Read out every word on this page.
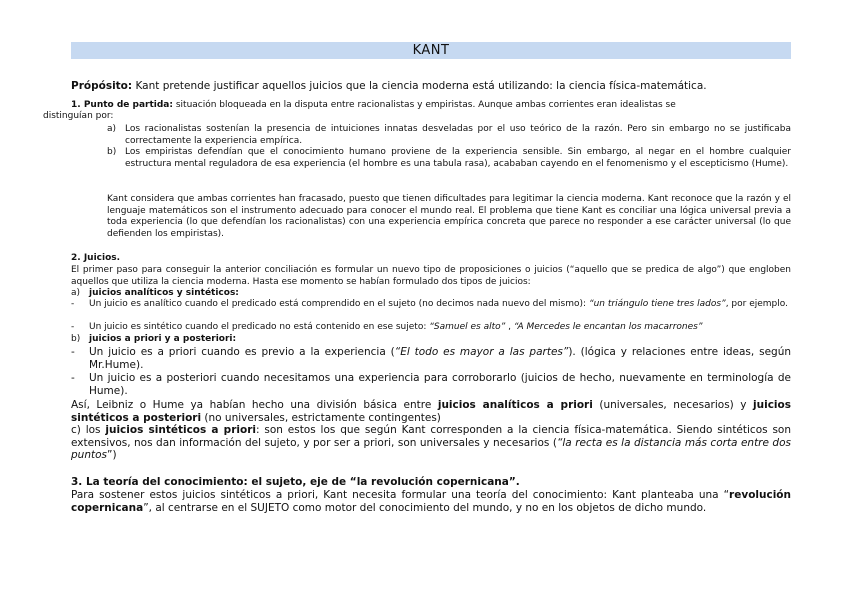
KANT
Própósito: Kant pretende justificar aquellos juicios que la ciencia moderna está utilizando: la ciencia física-matemática.
1. Punto de partida: situación bloqueada en la disputa entre racionalistas y empiristas. Aunque ambas corrientes eran idealistas se
distinguían por:
a) Los racionalistas sostenían la presencia de intuiciones innatas desveladas por el uso teórico de la razón. Pero sin embargo no se justificaba correctamente la experiencia empírica.
b) Los empiristas defendían que el conocimiento humano proviene de la experiencia sensible. Sin embargo, al negar en el hombre cualquier estructura mental reguladora de esa experiencia (el hombre es una tabula rasa), acababan cayendo en el fenomenismo y el escepticismo (Hume).
Kant considera que ambas corrientes han fracasado, puesto que tienen dificultades para legitimar la ciencia moderna. Kant reconoce que la razón y el lenguaje matemáticos son el instrumento adecuado para conocer el mundo real. El problema que tiene Kant es conciliar una lógica universal previa a toda experiencia (lo que defendían los racionalistas) con una experiencia empírica concreta que parece no responder a ese carácter universal (lo que defienden los empiristas).
2. Juicios.
El primer paso para conseguir la anterior conciliación es formular un nuevo tipo de proposiciones o juicios (“aquello que se predica de algo”) que engloben aquellos que utiliza la ciencia moderna. Hasta ese momento se habían formulado dos tipos de juicios:
a) juicios analíticos y sintéticos:
-	Un juicio es analítico cuando el predicado está comprendido en el sujeto (no decimos nada nuevo del mismo): “un triángulo tiene tres lados”, por ejemplo.
-	Un juicio es sintético cuando el predicado no está contenido en ese sujeto: “Samuel es alto” , “A Mercedes le encantan los macarrones”
b) juicios a priori y a posteriori:
-	Un juicio es a priori cuando es previo a la experiencia (“El todo es mayor a las partes”). (lógica y relaciones entre ideas, según Mr.Hume).
-	Un juicio es a posteriori cuando necesitamos una experiencia para corroborarlo (juicios de hecho, nuevamente en terminología de Hume).
Así, Leibniz o Hume ya habían hecho una división básica entre juicios analíticos a priori (universales, necesarios) y juicios sintéticos a posteriori (no universales, estrictamente contingentes)
c) los juicios sintéticos a priori: son estos los que según Kant corresponden a la ciencia física-matemática. Siendo sintéticos son extensivos, nos dan información del sujeto, y por ser a priori, son universales y necesarios (“la recta es la distancia más corta entre dos puntos”)
3. La teoría del conocimiento: el sujeto, eje de “la revolución copernicana”.
Para sostener estos juicios sintéticos a priori, Kant necesita formular una teoría del conocimiento: Kant planteaba una “revolución copernicana”, al centrarse en el SUJETO como motor del conocimiento del mundo, y no en los objetos de dicho mundo.
